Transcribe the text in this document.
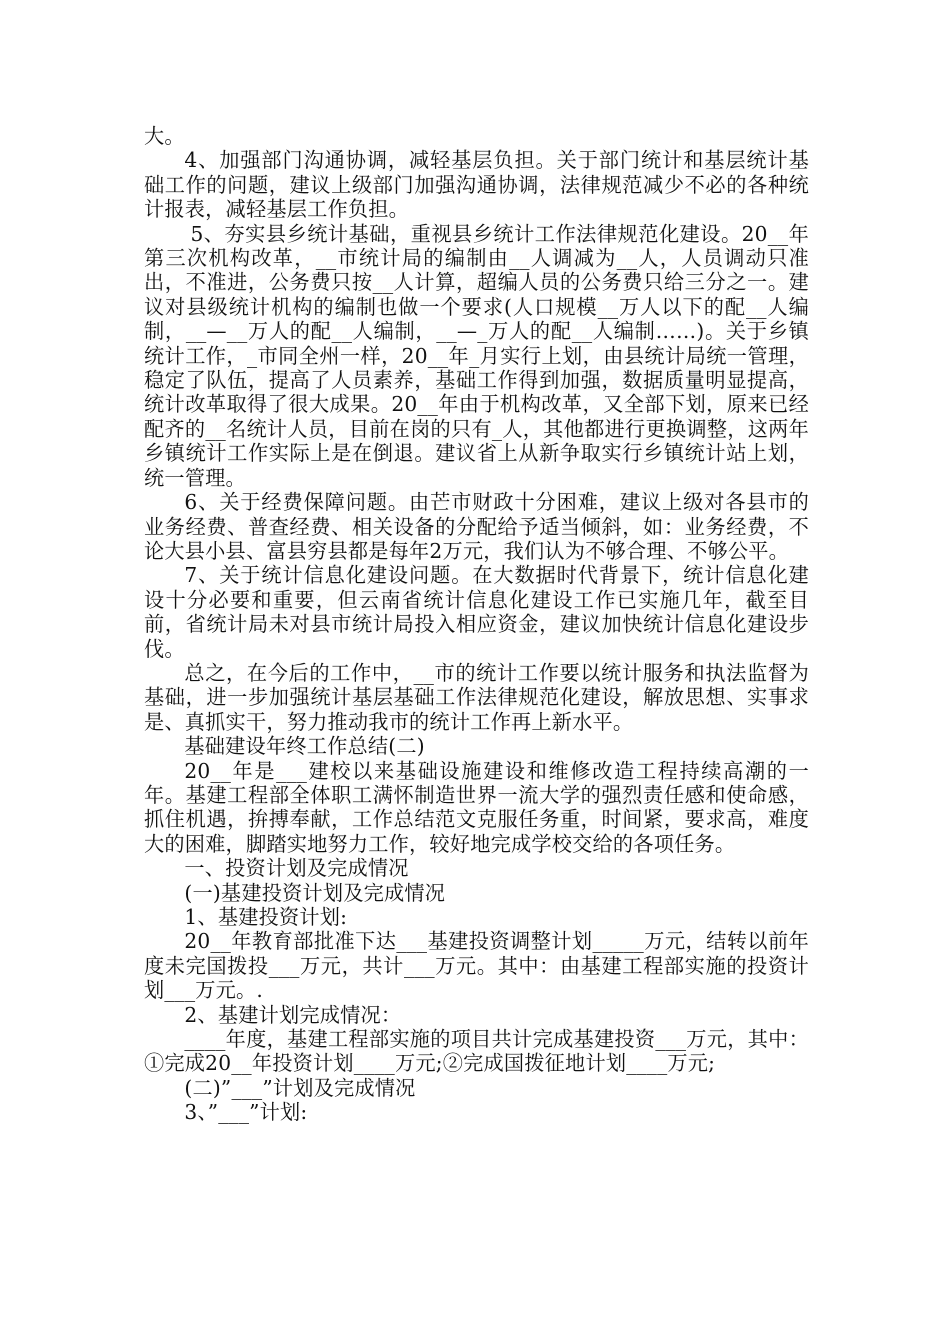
大。

4、加强部门沟通协调，减轻基层负担。关于部门统计和基层统计基础工作的问题，建议上级部门加强沟通协调，法律规范减少不必的各种统计报表，减轻基层工作负担。

5、夯实县乡统计基础，重视县乡统计工作法律规范化建设。20__年第三次机构改革，__市统计局的编制由__人调减为__人，人员调动只准出，不准进，公务费只按__人计算，超编人员的公务费只给三分之一。建议对县级统计机构的编制也做一个要求(人口规模__万人以下的配__人编制，__—__万人的配__人编制，__—_万人的配__人编制……)。关于乡镇统计工作，_市同全州一样，20__年_月实行上划，由县统计局统一管理，稳定了队伍，提高了人员素养，基础工作得到加强，数据质量明显提高，统计改革取得了很大成果。20__年由于机构改革，又全部下划，原来已经配齐的__名统计人员，目前在岗的只有_人，其他都进行更换调整，这两年乡镇统计工作实际上是在倒退。建议省上从新争取实行乡镇统计站上划，统一管理。

6、关于经费保障问题。由芒市财政十分困难，建议上级对各县市的业务经费、普查经费、相关设备的分配给予适当倾斜，如：业务经费，不论大县小县、富县穷县都是每年2万元，我们认为不够合理、不够公平。

7、关于统计信息化建设问题。在大数据时代背景下，统计信息化建设十分必要和重要，但云南省统计信息化建设工作已实施几年，截至目前，省统计局未对县市统计局投入相应资金，建议加快统计信息化建设步伐。

总之，在今后的工作中，__市的统计工作要以统计服务和执法监督为基础，进一步加强统计基层基础工作法律规范化建设，解放思想、实事求是、真抓实干，努力推动我市的统计工作再上新水平。

基础建设年终工作总结(二)

20__年是___建校以来基础设施建设和维修改造工程持续高潮的一年。基建工程部全体职工满怀制造世界一流大学的强烈责任感和使命感，抓住机遇，拚搏奉献，工作总结范文克服任务重，时间紧，要求高，难度大的困难，脚踏实地努力工作，较好地完成学校交给的各项任务。

一、投资计划及完成情况

(一)基建投资计划及完成情况

1、基建投资计划:

20__年教育部批准下达___基建投资调整计划_____万元，结转以前年度未完国拨投___万元，共计___万元。其中：由基建工程部实施的投资计划___万元。.

2、基建计划完成情况：

____年度，基建工程部实施的项目共计完成基建投资___万元，其中：①完成20__年投资计划____万元;②完成国拨征地计划____万元;

(二)”___”计划及完成情况

3、”___”计划:
